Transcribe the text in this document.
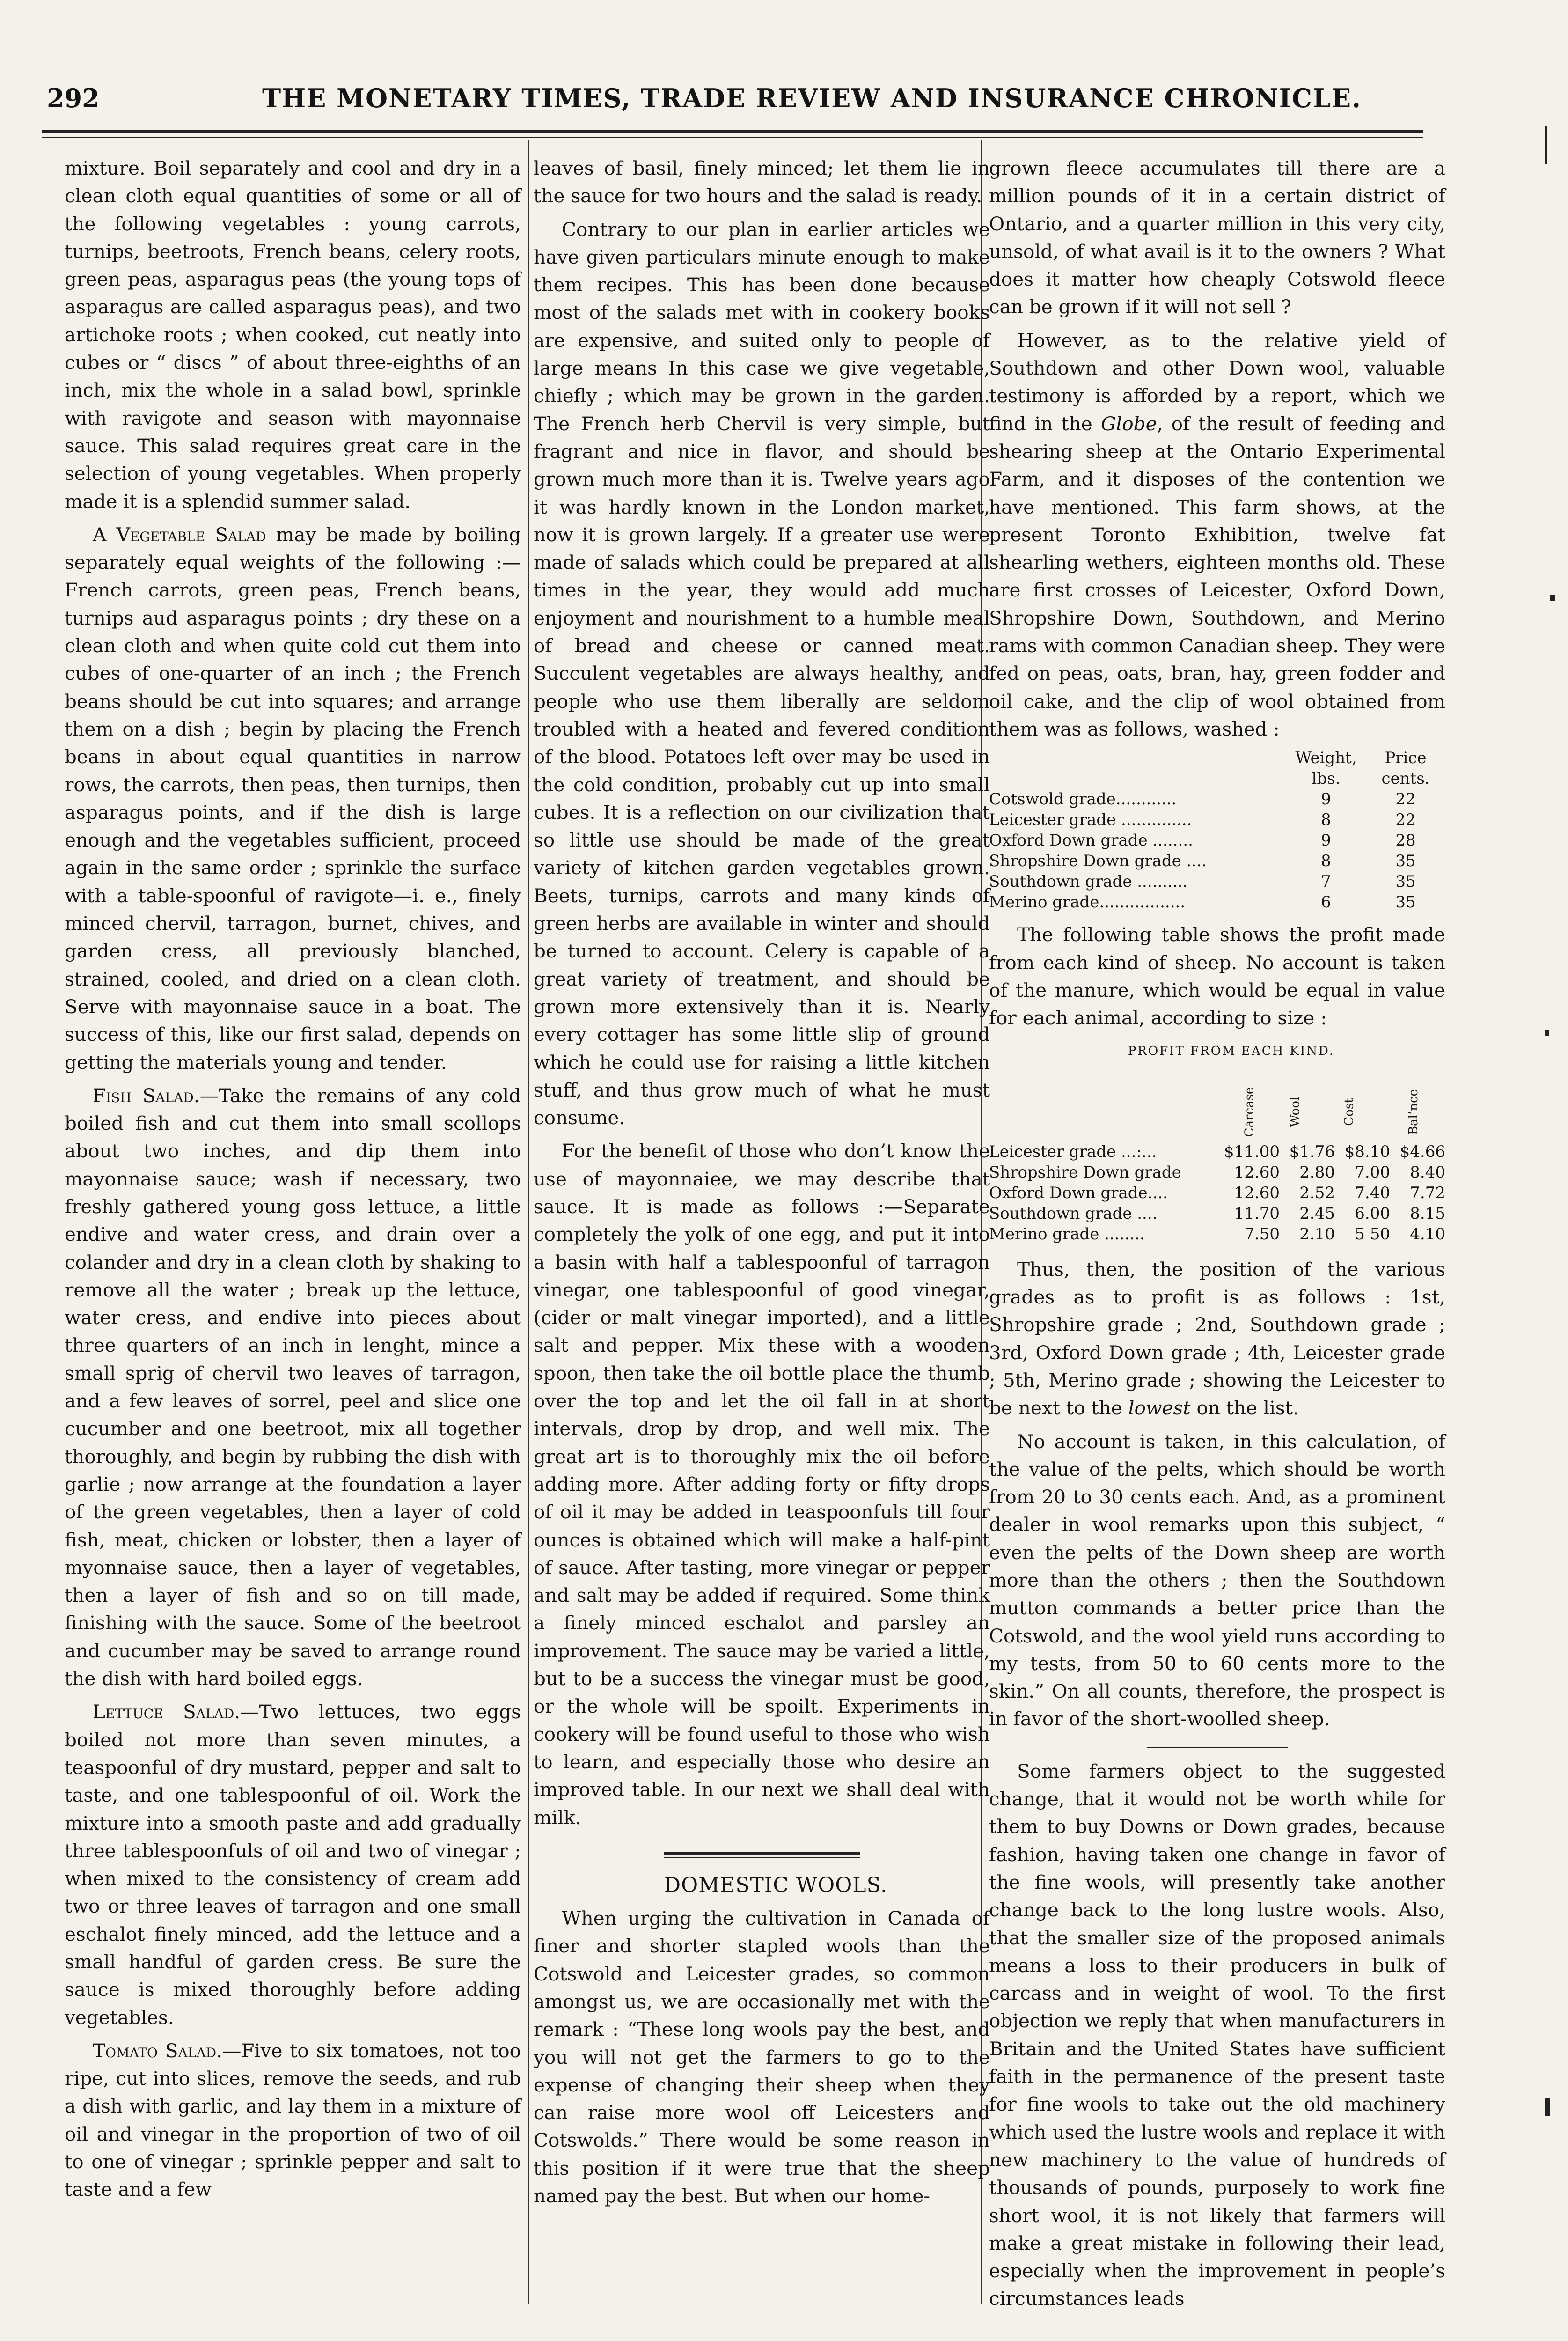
292	THE MONETARY TIMES, TRADE REVIEW AND INSURANCE CHRONICLE.

mixture. Boil separately and cool and dry in a clean cloth equal quantities of some or all of the following vegetables : young carrots, turnips, beetroots, French beans, celery roots, green peas, asparagus peas (the young tops of asparagus are called asparagus peas), and two artichoke roots ; when cooked, cut neatly into cubes or “ discs ” of about three-eighths of an inch, mix the whole in a salad bowl, sprinkle with ravigote and season with mayonnaise sauce. This salad requires great care in the selection of young vegetables. When properly made it is a splendid summer salad.

A Vegetable Salad may be made by boiling separately equal weights of the following :—French carrots, green peas, French beans, turnips aud asparagus points ; dry these on a clean cloth and when quite cold cut them into cubes of one-quarter of an inch ; the French beans should be cut into squares; and arrange them on a dish ; begin by placing the French beans in about equal quantities in narrow rows, the carrots, then peas, then turnips, then asparagus points, and if the dish is large enough and the vegetables sufficient, proceed again in the same order ; sprinkle the surface with a table-spoonful of ravigote—i. e., finely minced chervil, tarragon, burnet, chives, and garden cress, all previously blanched, strained, cooled, and dried on a clean cloth. Serve with mayonnaise sauce in a boat. The success of this, like our first salad, depends on getting the materials young and tender.

Fish Salad.—Take the remains of any cold boiled fish and cut them into small scollops about two inches, and dip them into mayonnaise sauce; wash if necessary, two freshly gathered young goss lettuce, a little endive and water cress, and drain over a colander and dry in a clean cloth by shaking to remove all the water ; break up the lettuce, water cress, and endive into pieces about three quarters of an inch in lenght, mince a small sprig of chervil two leaves of tarragon, and a few leaves of sorrel, peel and slice one cucumber and one beetroot, mix all together thoroughly, and begin by rubbing the dish with garlie ; now arrange at the foundation a layer of the green vegetables, then a layer of cold fish, meat, chicken or lobster, then a layer of myonnaise sauce, then a layer of vegetables, then a layer of fish and so on till made, finishing with the sauce. Some of the beetroot and cucumber may be saved to arrange round the dish with hard boiled eggs.

Lettuce Salad.—Two lettuces, two eggs boiled not more than seven minutes, a teaspoonful of dry mustard, pepper and salt to taste, and one tablespoonful of oil. Work the mixture into a smooth paste and add gradually three tablespoonfuls of oil and two of vinegar ; when mixed to the consistency of cream add two or three leaves of tarragon and one small eschalot finely minced, add the lettuce and a small handful of garden cress. Be sure the sauce is mixed thoroughly before adding vegetables.

Tomato Salad.—Five to six tomatoes, not too ripe, cut into slices, remove the seeds, and rub a dish with garlic, and lay them in a mixture of oil and vinegar in the proportion of two of oil to one of vinegar ; sprinkle pepper and salt to taste and a few

leaves of basil, finely minced; let them lie in the sauce for two hours and the salad is ready.

Contrary to our plan in earlier articles we have given particulars minute enough to make them recipes. This has been done because most of the salads met with in cookery books are expensive, and suited only to people of large means In this case we give vegetable, chiefly ; which may be grown in the garden. The French herb Chervil is very simple, but fragrant and nice in flavor, and should be grown much more than it is. Twelve years ago it was hardly known in the London market, now it is grown largely. If a greater use were made of salads which could be prepared at all times in the year, they would add much enjoyment and nourishment to a humble meal of bread and cheese or canned meat. Succulent vegetables are always healthy, and people who use them liberally are seldom troubled with a heated and fevered condition of the blood. Potatoes left over may be used in the cold condition, probably cut up into small cubes. It is a reflection on our civilization that so little use should be made of the great variety of kitchen garden vegetables grown. Beets, turnips, carrots and many kinds of green herbs are available in winter and should be turned to account. Celery is capable of a great variety of treatment, and should be grown more extensively than it is. Nearly every cottager has some little slip of ground which he could use for raising a little kitchen stuff, and thus grow much of what he must consume.

For the benefit of those who don’t know the use of mayonnaiee, we may describe that sauce. It is made as follows :—Separate completely the yolk of one egg, and put it into a basin with half a tablespoonful of tarragon vinegar, one tablespoonful of good vinegar, (cider or malt vinegar imported), and a little salt and pepper. Mix these with a wooden spoon, then take the oil bottle place the thumb over the top and let the oil fall in at short intervals, drop by drop, and well mix. The great art is to thoroughly mix the oil before adding more. After adding forty or fifty drops of oil it may be added in teaspoonfuls till four ounces is obtained which will make a half-pint of sauce. After tasting, more vinegar or pepper and salt may be added if required. Some think a finely minced eschalot and parsley an improvement. The sauce may be varied a little, but to be a success the vinegar must be good, or the whole will be spoilt. Experiments in cookery will be found useful to those who wish to learn, and especially those who desire an improved table. In our next we shall deal with milk.

DOMESTIC WOOLS.

When urging the cultivation in Canada of finer and shorter stapled wools than the Cotswold and Leicester grades, so common amongst us, we are occasionally met with the remark : “These long wools pay the best, and you will not get the farmers to go to the expense of changing their sheep when they can raise more wool off Leicesters and Cotswolds.” There would be some reason in this position if it were true that the sheep named pay the best. But when our home-

grown fleece accumulates till there are a million pounds of it in a certain district of Ontario, and a quarter million in this very city, unsold, of what avail is it to the owners ? What does it matter how cheaply Cotswold fleece can be grown if it will not sell ?

However, as to the relative yield of Southdown and other Down wool, valuable testimony is afforded by a report, which we find in the Globe, of the result of feeding and shearing sheep at the Ontario Experimental Farm, and it disposes of the contention we have mentioned. This farm shows, at the present Toronto Exhibition, twelve fat shearling wethers, eighteen months old. These are first crosses of Leicester, Oxford Down, Shropshire Down, Southdown, and Merino rams with common Canadian sheep. They were fed on peas, oats, bran, hay, green fodder and oil cake, and the clip of wool obtained from them was as follows, washed :

	Weight, lbs.	Price cents.
Cotswold grade............	9	22
Leicester grade ..............	8	22
Oxford Down grade ........	9	28
Shropshire Down grade ....	8	35
Southdown grade ..........	7	35
Merino grade.................	6	35

The following table shows the profit made from each kind of sheep. No account is taken of the manure, which would be equal in value for each animal, according to size :

PROFIT FROM EACH KIND.

	Carcase	Wool	Cost	Bal’nce
Leicester grade ...:...	$11.00	$1.76	$8.10	$4.66
Shropshire Down grade	12.60	2.80	7.00	8.40
Oxford Down grade....	12.60	2.52	7.40	7.72
Southdown grade ....	11.70	2.45	6.00	8.15
Merino grade ........	7.50	2.10	5 50	4.10

Thus, then, the position of the various grades as to profit is as follows : 1st, Shropshire grade ; 2nd, Southdown grade ; 3rd, Oxford Down grade ; 4th, Leicester grade ; 5th, Merino grade ; showing the Leicester to be next to the lowest on the list.

No account is taken, in this calculation, of the value of the pelts, which should be worth from 20 to 30 cents each. And, as a prominent dealer in wool remarks upon this subject, “ even the pelts of the Down sheep are worth more than the others ; then the Southdown mutton commands a better price than the Cotswold, and the wool yield runs according to my tests, from 50 to 60 cents more to the skin.” On all counts, therefore, the prospect is in favor of the short-woolled sheep.

Some farmers object to the suggested change, that it would not be worth while for them to buy Downs or Down grades, because fashion, having taken one change in favor of the fine wools, will presently take another change back to the long lustre wools. Also, that the smaller size of the proposed animals means a loss to their producers in bulk of carcass and in weight of wool. To the first objection we reply that when manufacturers in Britain and the United States have sufficient faith in the permanence of the present taste for fine wools to take out the old machinery which used the lustre wools and replace it with new machinery to the value of hundreds of thousands of pounds, purposely to work fine short wool, it is not likely that farmers will make a great mistake in following their lead, especially when the improvement in people’s circumstances leads
